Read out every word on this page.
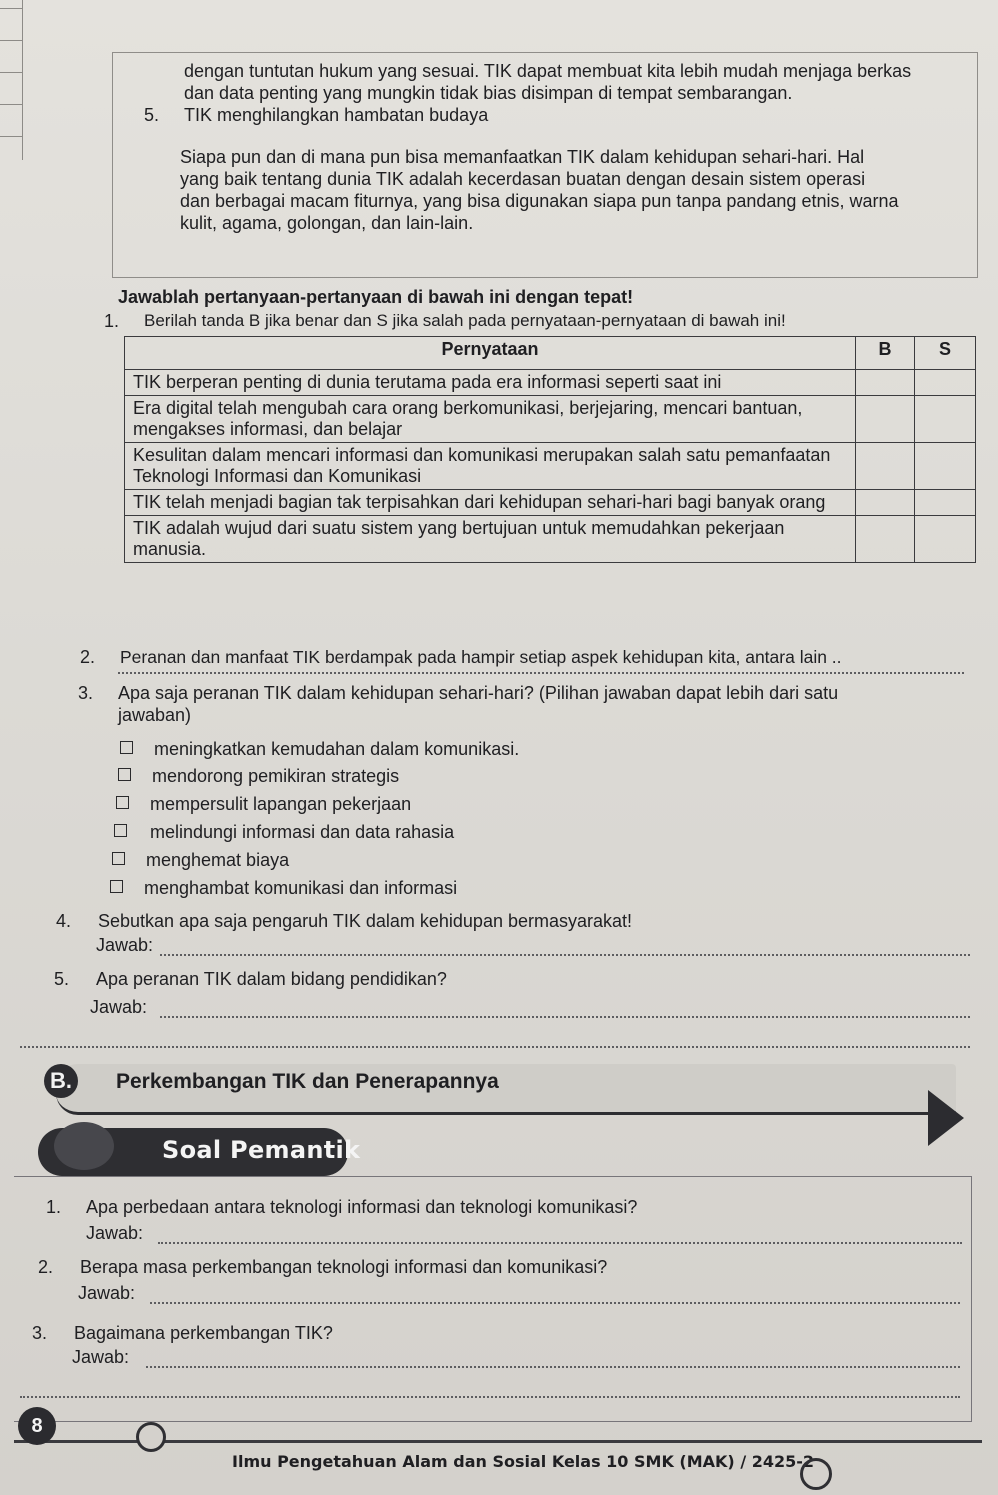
dengan tuntutan hukum yang sesuai. TIK dapat membuat kita lebih mudah menjaga berkas
dan data penting yang mungkin tidak bias disimpan di tempat sembarangan.
5. TIK menghilangkan hambatan budaya
Siapa pun dan di mana pun bisa memanfaatkan TIK dalam kehidupan sehari-hari. Hal
yang baik tentang dunia TIK adalah kecerdasan buatan dengan desain sistem operasi
dan berbagai macam fiturnya, yang bisa digunakan siapa pun tanpa pandang etnis, warna
kulit, agama, golongan, dan lain-lain.
Jawablah pertanyaan-pertanyaan di bawah ini dengan tepat!
1. Berilah tanda B jika benar dan S jika salah pada pernyataan-pernyataan di bawah ini!
Pernyataan	B	S
TIK berperan penting di dunia terutama pada era informasi seperti saat ini		
Era digital telah mengubah cara orang berkomunikasi, berjejaring, mencari bantuan, mengakses informasi, dan belajar		
Kesulitan dalam mencari informasi dan komunikasi merupakan salah satu pemanfaatan Teknologi Informasi dan Komunikasi		
TIK telah menjadi bagian tak terpisahkan dari kehidupan sehari-hari bagi banyak orang		
TIK adalah wujud dari suatu sistem yang bertujuan untuk memudahkan pekerjaan manusia.		
2. Peranan dan manfaat TIK berdampak pada hampir setiap aspek kehidupan kita, antara lain ..
3. Apa saja peranan TIK dalam kehidupan sehari-hari? (Pilihan jawaban dapat lebih dari satu
jawaban)
meningkatkan kemudahan dalam komunikasi.
mendorong pemikiran strategis
mempersulit lapangan pekerjaan
melindungi informasi dan data rahasia
menghemat biaya
menghambat komunikasi dan informasi
4. Sebutkan apa saja pengaruh TIK dalam kehidupan bermasyarakat!
Jawab:
5. Apa peranan TIK dalam bidang pendidikan?
Jawab:
B. Perkembangan TIK dan Penerapannya
Soal Pemantik
1. Apa perbedaan antara teknologi informasi dan teknologi komunikasi?
Jawab:
2. Berapa masa perkembangan teknologi informasi dan komunikasi?
Jawab:
3. Bagaimana perkembangan TIK?
Jawab:
8
Ilmu Pengetahuan Alam dan Sosial Kelas 10 SMK (MAK) / 2425-2
